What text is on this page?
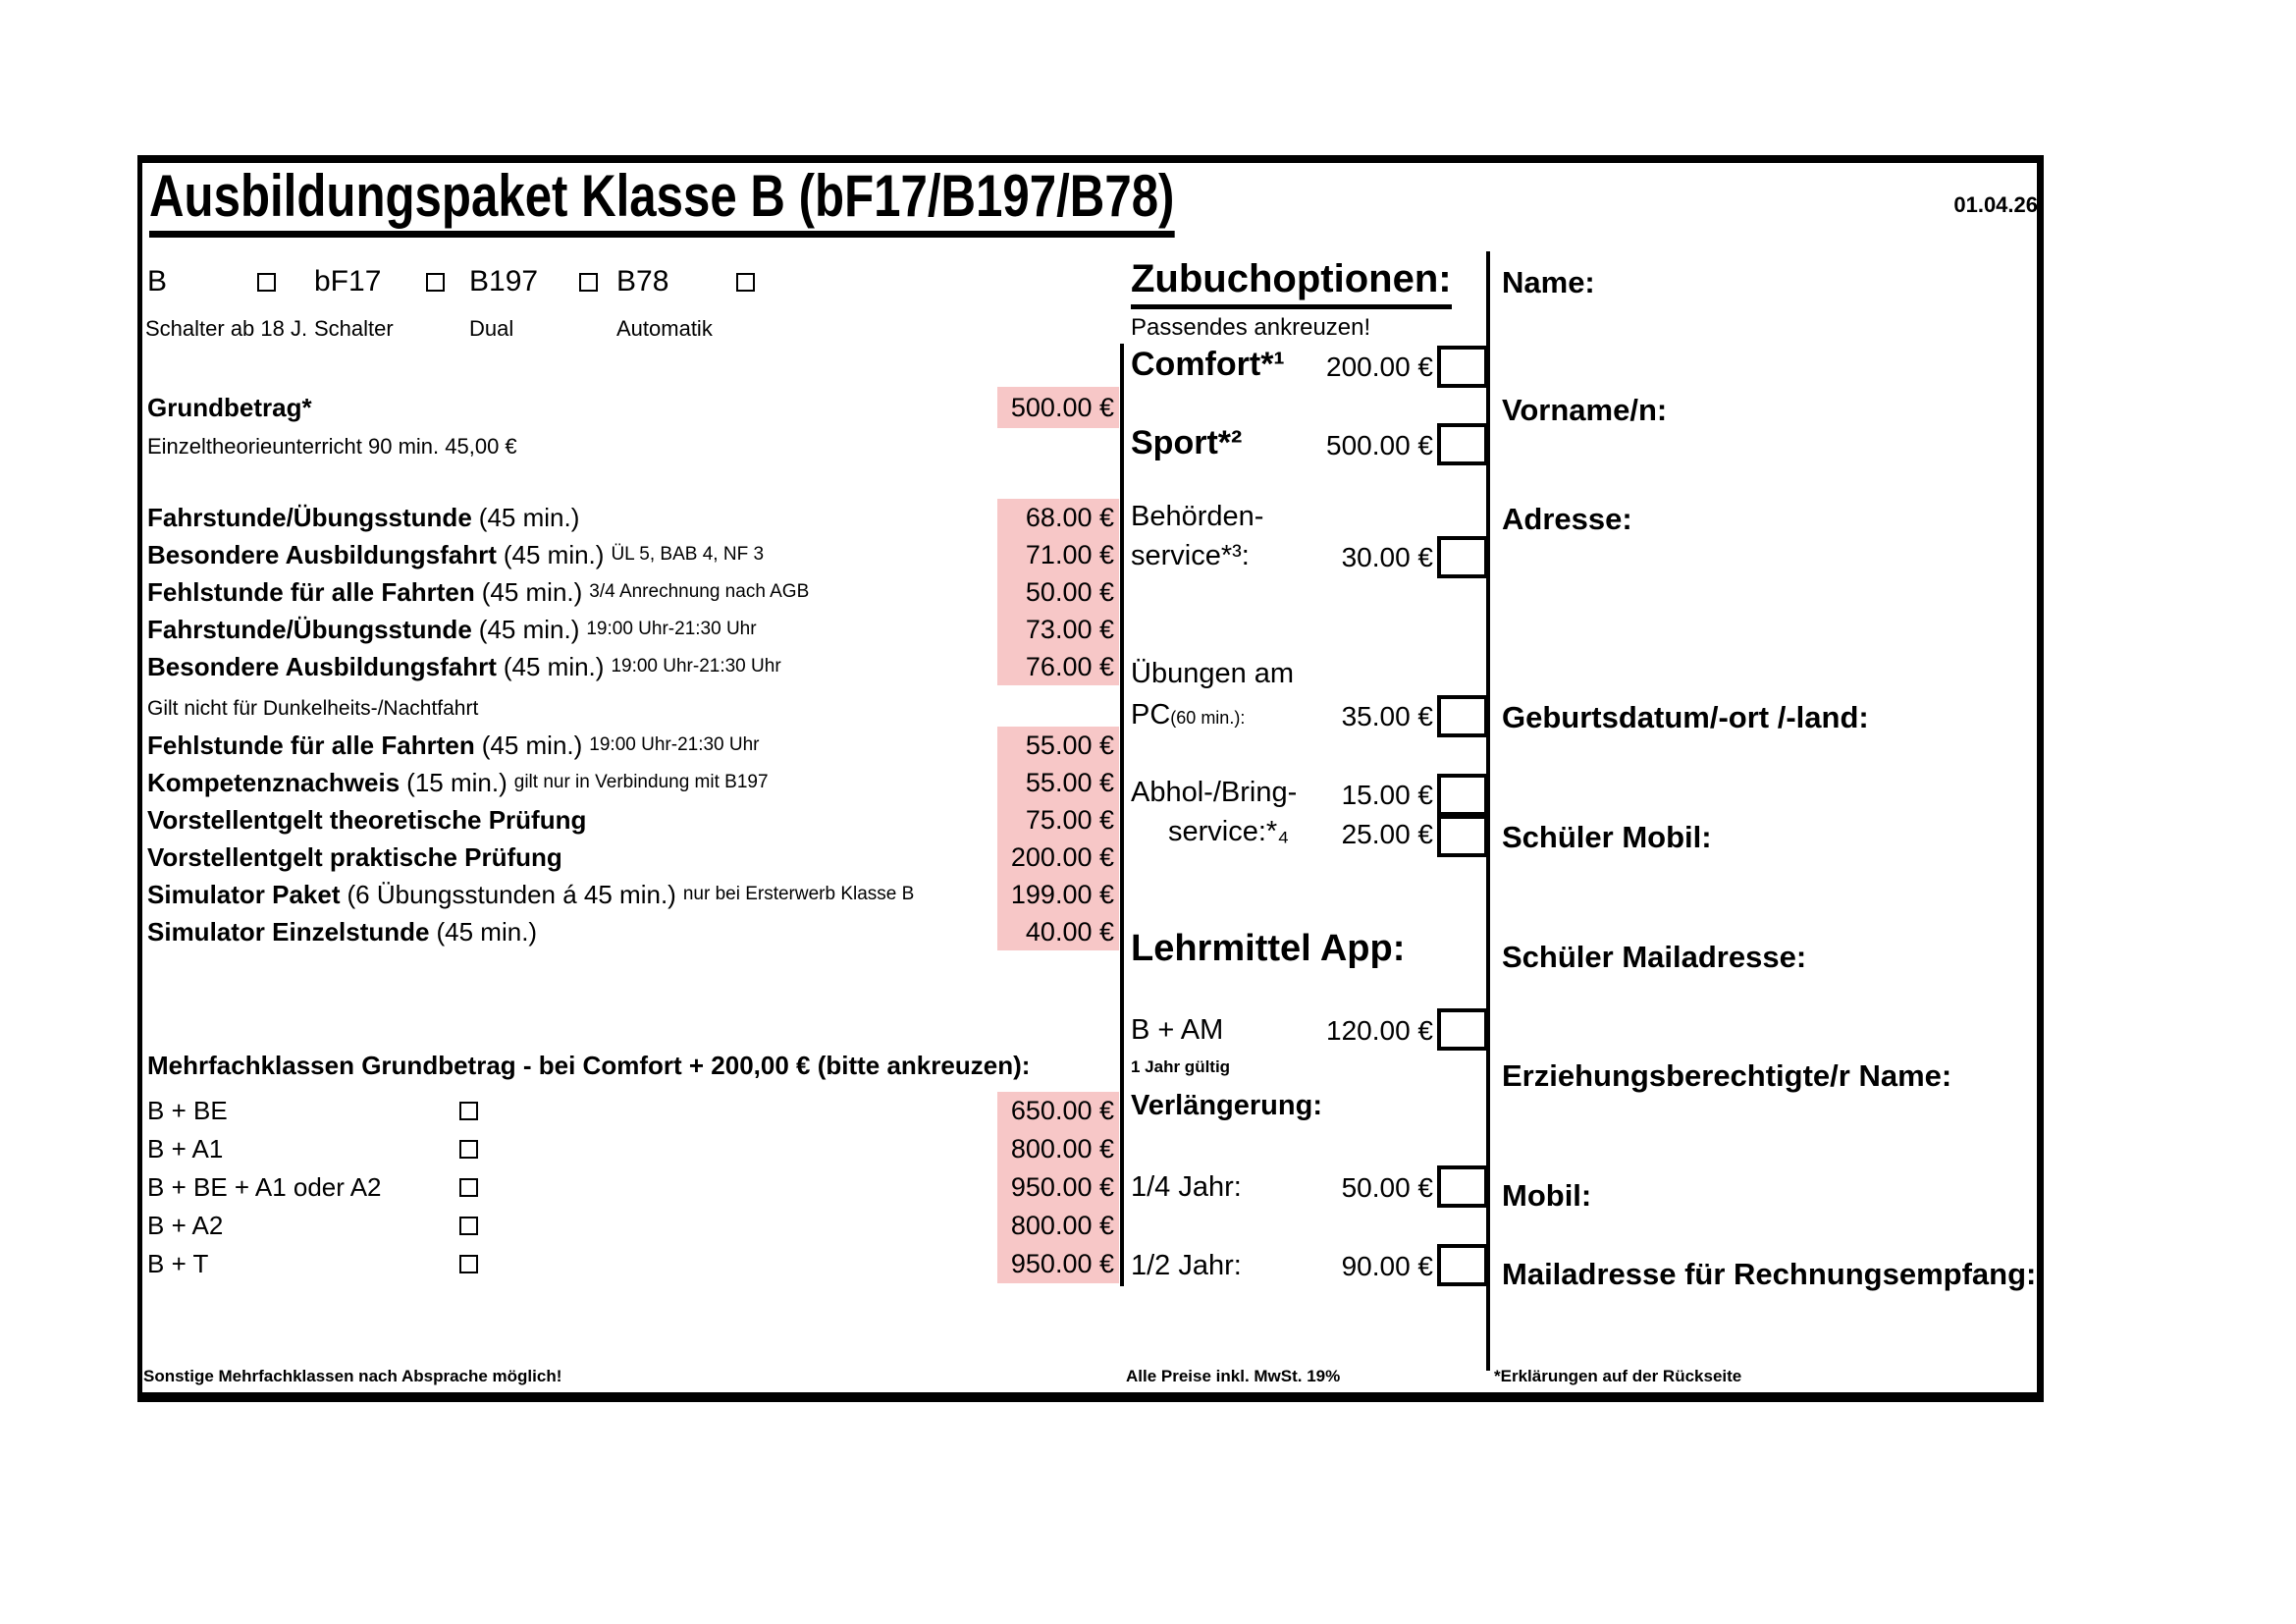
Ausbildungspaket Klasse B (bF17/B197/B78)	01.04.26
B	bF17	B197	B78
Schalter ab 18 J. Schalter	Dual	Automatik
Grundbetrag*	500.00 €
Einzeltheorieunterricht 90 min. 45,00 €
Fahrstunde/Übungsstunde (45 min.)	68.00 €
Besondere Ausbildungsfahrt (45 min.) ÜL 5, BAB 4, NF 3	71.00 €
Fehlstunde für alle Fahrten (45 min.) 3/4 Anrechnung nach AGB	50.00 €
Fahrstunde/Übungsstunde (45 min.) 19:00 Uhr-21:30 Uhr	73.00 €
Besondere Ausbildungsfahrt (45 min.) 19:00 Uhr-21:30 Uhr	76.00 €
Gilt nicht für Dunkelheits-/Nachtfahrt
Fehlstunde für alle Fahrten (45 min.) 19:00 Uhr-21:30 Uhr	55.00 €
Kompetenznachweis (15 min.) gilt nur in Verbindung mit B197	55.00 €
Vorstellentgelt theoretische Prüfung	75.00 €
Vorstellentgelt praktische Prüfung	200.00 €
Simulator Paket (6 Übungsstunden á 45 min.) nur bei Ersterwerb Klasse B	199.00 €
Simulator Einzelstunde (45 min.)	40.00 €
Mehrfachklassen Grundbetrag - bei Comfort + 200,00 € (bitte ankreuzen):
B + BE	650.00 €
B + A1	800.00 €
B + BE + A1 oder A2	950.00 €
B + A2	800.00 €
B + T	950.00 €
Zubuchoptionen:
Passendes ankreuzen!
Comfort*¹	200.00 €
Sport*²	500.00 €
Behörden-
service*³:	30.00 €
Übungen am
PC(60 min.):	35.00 €
Abhol-/Bring-	15.00 €
service:*₄	25.00 €
Lehrmittel App:
B + AM	120.00 €
1 Jahr gültig
Verlängerung:
1/4 Jahr:	50.00 €
1/2 Jahr:	90.00 €
Name:
Vorname/n:
Adresse:
Geburtsdatum/-ort /-land:
Schüler Mobil:
Schüler Mailadresse:
Erziehungsberechtigte/r Name:
Mobil:
Mailadresse für Rechnungsempfang:
Sonstige Mehrfachklassen nach Absprache möglich!	Alle Preise inkl. MwSt. 19%	*Erklärungen auf der Rückseite
